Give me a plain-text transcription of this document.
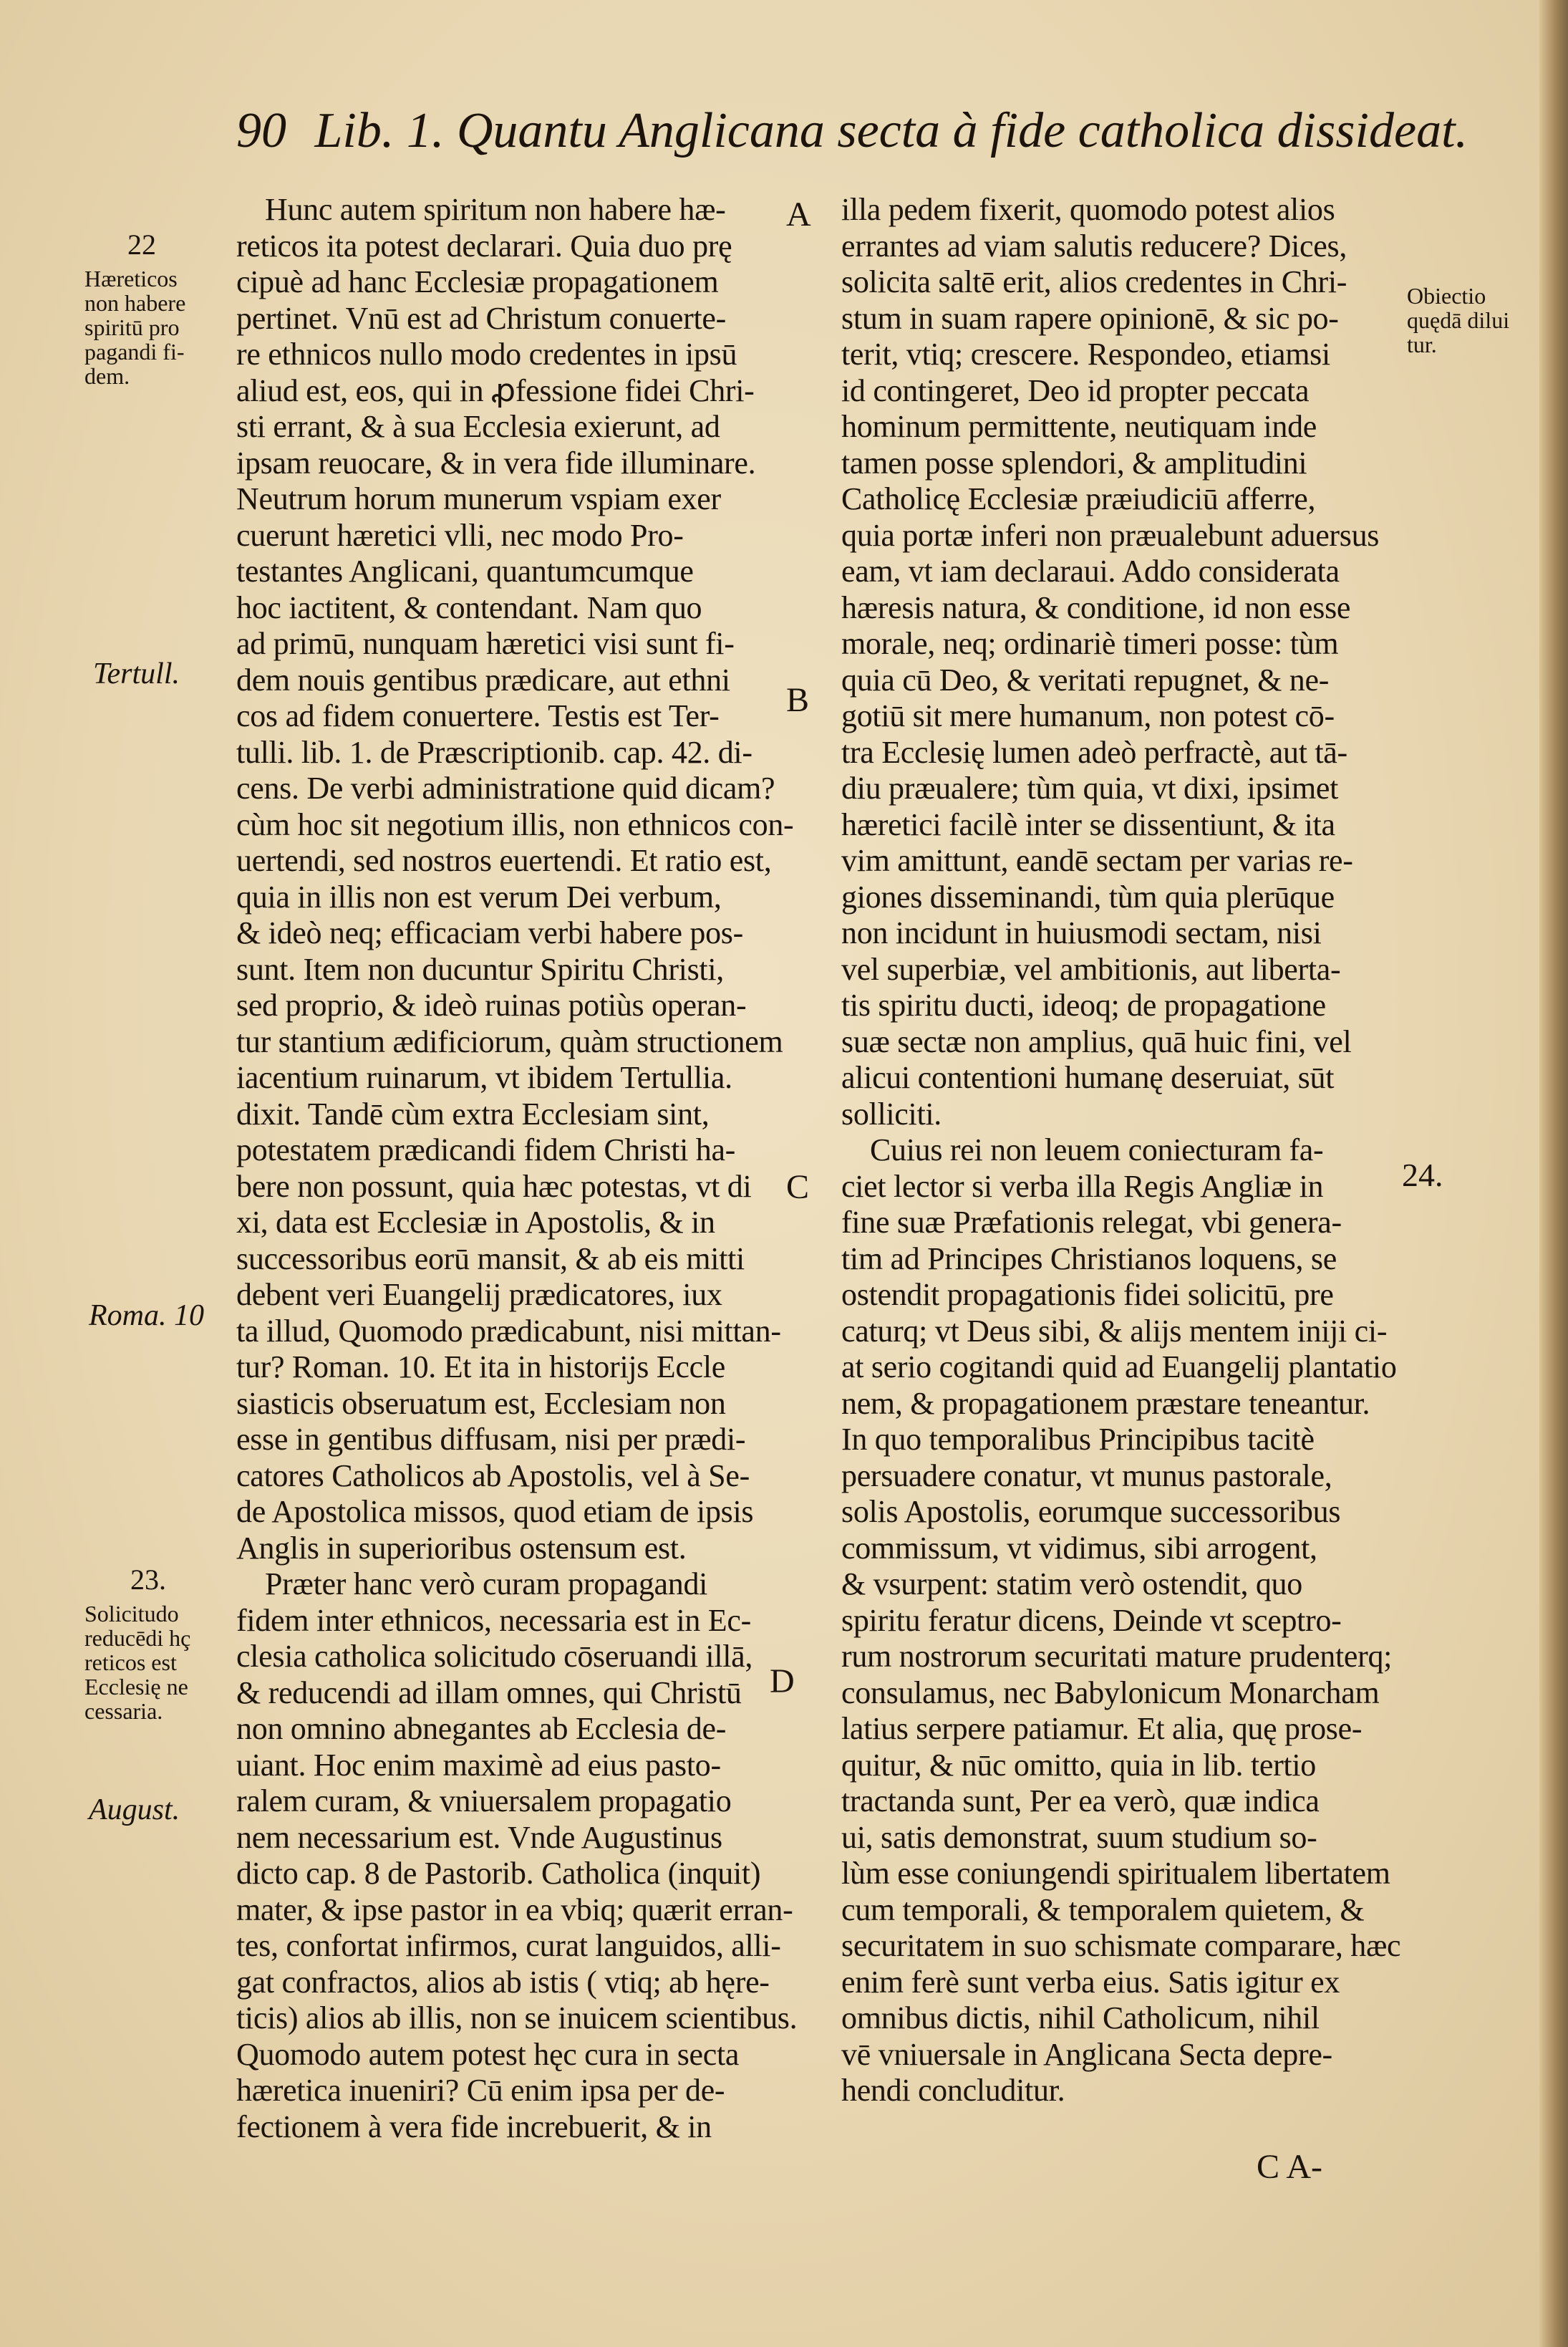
90 Lib. 1. Quantu Anglicana secta à fide catholica dissideat.
22
Hæreticos
non habere
spiritū pro
pagandi fi-
dem.
Tertull.
Roma. 10
23.
Solicitudo
reducēdi hç
reticos est
Ecclesię ne
cessaria.
August.
A
B
C
D
Obiectio
quędā dilui
tur.
24.
Hunc autem spiritum non habere hæ-
reticos ita potest declarari. Quia duo prę
cipuè ad hanc Ecclesiæ propagationem
pertinet. Vnū est ad Christum conuerte-
re ethnicos nullo modo credentes in ipsū
aliud est, eos, qui in ꝓfessione fidei Chri-
sti errant, & à sua Ecclesia exierunt, ad
ipsam reuocare, & in vera fide illuminare.
Neutrum horum munerum vspiam exer
cuerunt hæretici vlli, nec modo Pro-
testantes Anglicani, quantumcumque
hoc iactitent, & contendant. Nam quo
ad primū, nunquam hæretici visi sunt fi-
dem nouis gentibus prædicare, aut ethni
cos ad fidem conuertere. Testis est Ter-
tulli. lib. 1. de Præscriptionib. cap. 42. di-
cens. De verbi administratione quid dicam?
cùm hoc sit negotium illis, non ethnicos con-
uertendi, sed nostros euertendi. Et ratio est,
quia in illis non est verum Dei verbum,
& ideò neq; efficaciam verbi habere pos-
sunt. Item non ducuntur Spiritu Christi,
sed proprio, & ideò ruinas potiùs operan-
tur stantium ædificiorum, quàm structionem
iacentium ruinarum, vt ibidem Tertullia.
dixit. Tandē cùm extra Ecclesiam sint,
potestatem prædicandi fidem Christi ha-
bere non possunt, quia hæc potestas, vt di
xi, data est Ecclesiæ in Apostolis, & in
successoribus eorū mansit, & ab eis mitti
debent veri Euangelij prædicatores, iux
ta illud, Quomodo prædicabunt, nisi mittan-
tur? Roman. 10. Et ita in historijs Eccle
siasticis obseruatum est, Ecclesiam non
esse in gentibus diffusam, nisi per prædi-
catores Catholicos ab Apostolis, vel à Se-
de Apostolica missos, quod etiam de ipsis
Anglis in superioribus ostensum est.
Præter hanc verò curam propagandi
fidem inter ethnicos, necessaria est in Ec-
clesia catholica solicitudo cōseruandi illā,
& reducendi ad illam omnes, qui Christū
non omnino abnegantes ab Ecclesia de-
uiant. Hoc enim maximè ad eius pasto-
ralem curam, & vniuersalem propagatio
nem necessarium est. Vnde Augustinus
dicto cap. 8 de Pastorib. Catholica (inquit)
mater, & ipse pastor in ea vbiq; quærit erran-
tes, confortat infirmos, curat languidos, alli-
gat confractos, alios ab istis ( vtiq; ab hęre-
ticis) alios ab illis, non se inuicem scientibus.
Quomodo autem potest hęc cura in secta
hæretica inueniri? Cū enim ipsa per de-
fectionem à vera fide increbuerit, & in
illa pedem fixerit, quomodo potest alios
errantes ad viam salutis reducere? Dices,
solicita saltē erit, alios credentes in Chri-
stum in suam rapere opinionē, & sic po-
terit, vtiq; crescere. Respondeo, etiamsi
id contingeret, Deo id propter peccata
hominum permittente, neutiquam inde
tamen posse splendori, & amplitudini
Catholicę Ecclesiæ præiudiciū afferre,
quia portæ inferi non præualebunt aduersus
eam, vt iam declaraui. Addo considerata
hæresis natura, & conditione, id non esse
morale, neq; ordinariè timeri posse: tùm
quia cū Deo, & veritati repugnet, & ne-
gotiū sit mere humanum, non potest cō-
tra Ecclesię lumen adeò perfractè, aut tā-
diu præualere; tùm quia, vt dixi, ipsimet
hæretici facilè inter se dissentiunt, & ita
vim amittunt, eandē sectam per varias re-
giones disseminandi, tùm quia plerūque
non incidunt in huiusmodi sectam, nisi
vel superbiæ, vel ambitionis, aut liberta-
tis spiritu ducti, ideoq; de propagatione
suæ sectæ non amplius, quā huic fini, vel
alicui contentioni humanę deseruiat, sūt
solliciti.
Cuius rei non leuem coniecturam fa-
ciet lector si verba illa Regis Angliæ in
fine suæ Præfationis relegat, vbi genera-
tim ad Principes Christianos loquens, se
ostendit propagationis fidei solicitū, pre
caturq; vt Deus sibi, & alijs mentem iniji ci-
at serio cogitandi quid ad Euangelij plantatio
nem, & propagationem præstare teneantur.
In quo temporalibus Principibus tacitè
persuadere conatur, vt munus pastorale,
solis Apostolis, eorumque successoribus
commissum, vt vidimus, sibi arrogent,
& vsurpent: statim verò ostendit, quo
spiritu feratur dicens, Deinde vt sceptro-
rum nostrorum securitati mature prudenterq;
consulamus, nec Babylonicum Monarcham
latius serpere patiamur. Et alia, quę prose-
quitur, & nūc omitto, quia in lib. tertio
tractanda sunt, Per ea verò, quæ indica
ui, satis demonstrat, suum studium so-
lùm esse coniungendi spiritualem libertatem
cum temporali, & temporalem quietem, &
securitatem in suo schismate comparare, hæc
enim ferè sunt verba eius. Satis igitur ex
omnibus dictis, nihil Catholicum, nihil
vē vniuersale in Anglicana Secta depre-
hendi concluditur.
C A-
